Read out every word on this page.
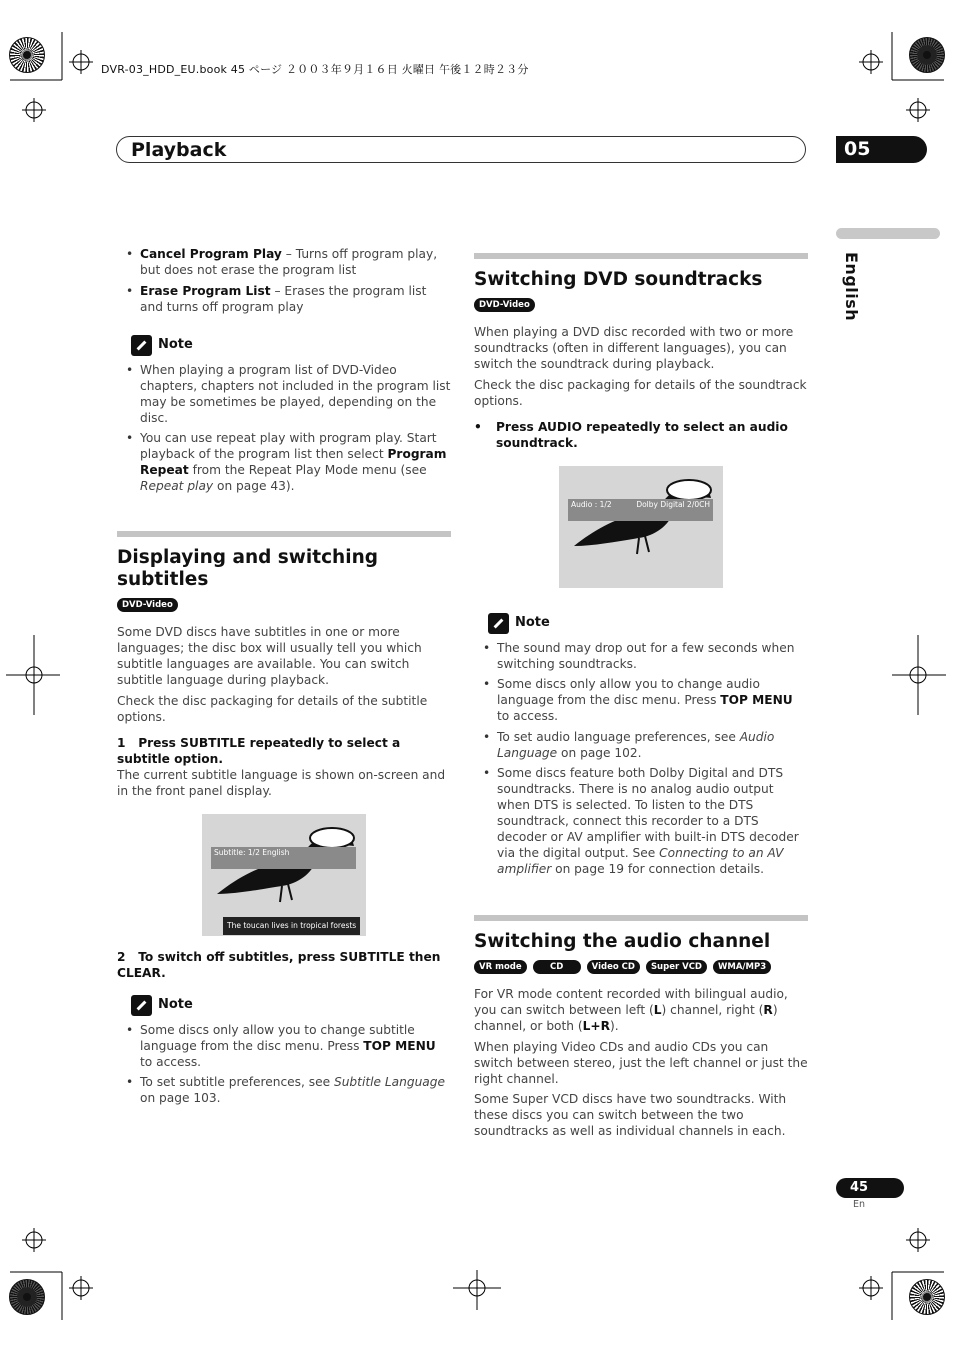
DVR-03_HDD_EU.book 45 ページ ２００３年９月１６日 火曜日 午後１２時２３分
Playback	05
English
• Cancel Program Play – Turns off program play, but does not erase the program list
• Erase Program List – Erases the program list and turns off program play
Note
• When playing a program list of DVD-Video chapters, chapters not included in the program list may be sometimes be played, depending on the disc.
• You can use repeat play with program play. Start playback of the program list then select Program Repeat from the Repeat Play Mode menu (see Repeat play on page 43).
Displaying and switching subtitles
DVD-Video

Some DVD discs have subtitles in one or more languages; the disc box will usually tell you which subtitle languages are available. You can switch subtitle language during playback.

Check the disc packaging for details of the subtitle options.

1 Press SUBTITLE repeatedly to select a subtitle option.

The current subtitle language is shown on-screen and in the front panel display.

Subtitle: 1/2 English
The toucan lives in tropical forests
2 To switch off subtitles, press SUBTITLE then CLEAR.
Note
• Some discs only allow you to change subtitle language from the disc menu. Press TOP MENU to access.
• To set subtitle preferences, see Subtitle Language on page 103.
Switching DVD soundtracks
DVD-Video

When playing a DVD disc recorded with two or more soundtracks (often in different languages), you can switch the soundtrack during playback.

Check the disc packaging for details of the soundtrack options.

• Press AUDIO repeatedly to select an audio soundtrack.
Audio : 1/2	Dolby Digital 2/0CH
Note
• The sound may drop out for a few seconds when switching soundtracks.
• Some discs only allow you to change audio language from the disc menu. Press TOP MENU to access.
• To set audio language preferences, see Audio Language on page 102.
• Some discs feature both Dolby Digital and DTS soundtracks. There is no analog audio output when DTS is selected. To listen to the DTS soundtrack, connect this recorder to a DTS decoder or AV amplifier with built-in DTS decoder via the digital output. See Connecting to an AV amplifier on page 19 for connection details.
Switching the audio channel
VR mode	CD	Video CD	Super VCD	WMA/MP3

For VR mode content recorded with bilingual audio, you can switch between left (L) channel, right (R) channel, or both (L+R).

When playing Video CDs and audio CDs you can switch between stereo, just the left channel or just the right channel.

Some Super VCD discs have two soundtracks. With these discs you can switch between the two soundtracks as well as individual channels in each.

45
En
